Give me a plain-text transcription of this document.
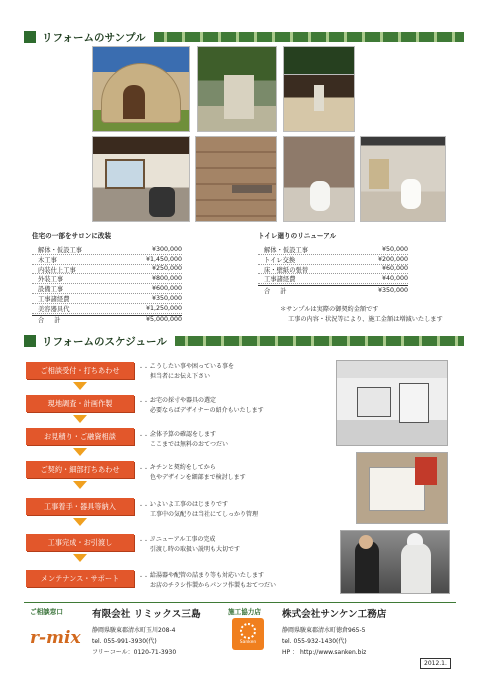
リフォームのサンプル
住宅の一部をサロンに改装
解体・仮設工事	¥300,000
木工事	¥1,450,000
内装仕上工事	¥250,000
外装工事	¥800,000
設備工事	¥600,000
工事諸経費	¥350,000
美容器具代	¥1,250,000
合 計	¥5,000,000
トイレ廻りのリニューアル
解体・仮設工事	¥50,000
トイレ交換	¥200,000
床・壁紙の張替	¥60,000
工事諸経費	¥40,000
合 計	¥350,000
＊サンプルは実際の御契約金額です
工事の内容・状況等により、施工金額は増減いたします
リフォームのスケジュール
ご相談受付・打ちあわせ	・・・
こうしたい事や困っている事を
担当者にお伝え下さい
現地調査・計画作製	・・・
お宅の採寸や器具の選定
必要ならばデザイナーの紹介もいたします
お見積り・ご融資相談	・・・
全体予算の確認をします
ここまでは無料のおてつだい
ご契約・細部打ちあわせ	・・・
キチンと契約をしてから
色やデザインを細部まで検討します
工事着手・器具等納入	・・・
いよいよ工事のはじまりです
工事中の気配りは当社にてしっかり管理
工事完成・お引渡し	・・・
リニューアル工事の完成
引渡し時の取扱い説明も大切です
メンテナンス・サポート	・・・
給湯器や配管の詰まり等も対応いたします
お店のチラシ作製からパンフ作製もおてつだい
ご相談窓口
r-mix
有限会社 リミックス三島
静岡県駿東郡清水町玉川208-4
tel. 055-991-3930(代)
フリーコール：0120-71-3930
施工協力店
Sanken
株式会社サンケン工務店
静岡県駿東郡清水町徳倉965-5
tel. 055-932-1430(代)
HP ： http://www.sanken.biz
2012.1.
